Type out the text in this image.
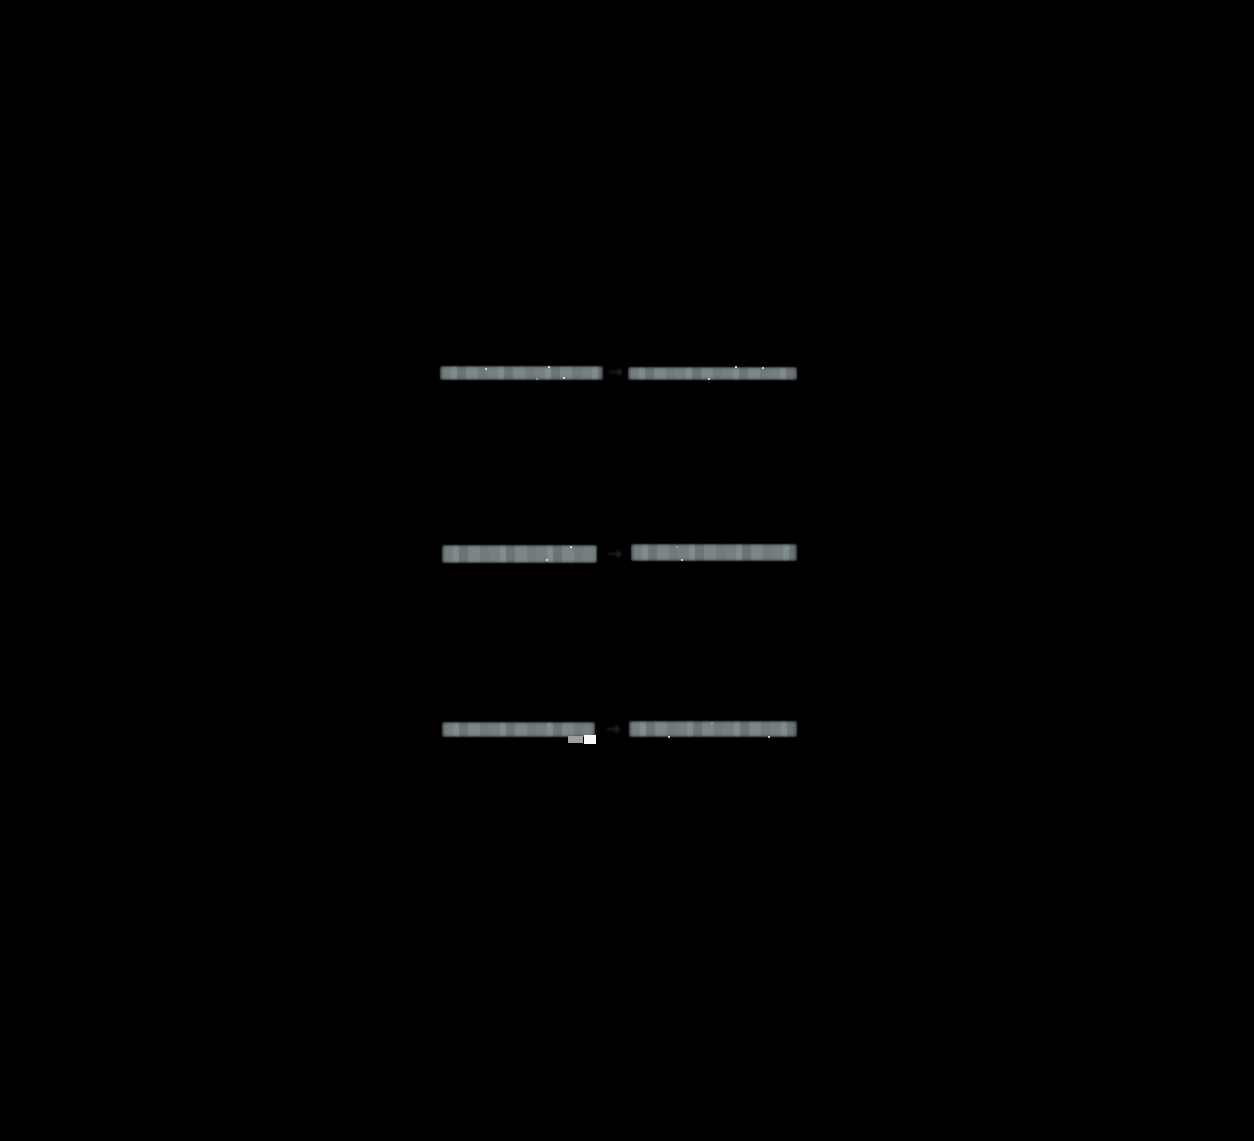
→
→
→
